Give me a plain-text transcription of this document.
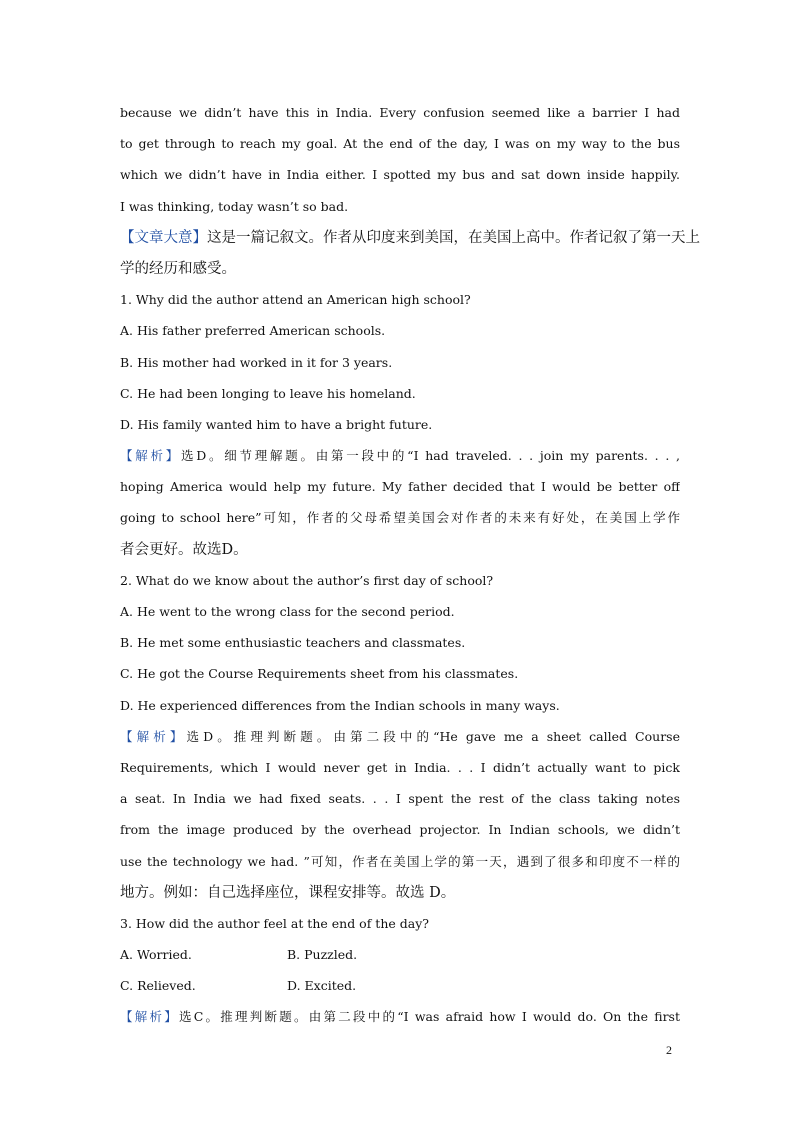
because we didn’t have this in India. Every confusion seemed like a barrier I had
to get through to reach my goal. At the end of the day, I was on my way to the bus
which we didn’t have in India either. I spotted my bus and sat down inside happily.
I was thinking, today wasn’t so bad.
【文章大意】这是一篇记叙文。作者从印度来到美国，在美国上高中。作者记叙了第一天上
学的经历和感受。
1. Why did the author attend an American high school?
A. His father preferred American schools.
B. His mother had worked in it for 3 years.
C. He had been longing to leave his homeland.
D. His family wanted him to have a bright future.
【解析】选D。细节理解题。由第一段中的“I had traveled. . . join my parents. . . ,
hoping America would help my future. My father decided that I would be better off
going to school here”可知，作者的父母希望美国会对作者的未来有好处，在美国上学作
者会更好。故选D。
2. What do we know about the author’s first day of school?
A. He went to the wrong class for the second period.
B. He met some enthusiastic teachers and classmates.
C. He got the Course Requirements sheet from his classmates.
D. He experienced differences from the Indian schools in many ways.
【解析】选D。推理判断题。由第二段中的“He gave me a sheet called Course
Requirements, which I would never get in India. . . I didn’t actually want to pick
a seat. In India we had fixed seats. . . I spent the rest of the class taking notes
from the image produced by the overhead projector. In Indian schools, we didn’t
use the technology we had. ”可知，作者在美国上学的第一天，遇到了很多和印度不一样的
地方。例如：自己选择座位，课程安排等。故选 D。
3. How did the author feel at the end of the day?
A. Worried.	B. Puzzled.
C. Relieved.	D. Excited.
【解析】选C。推理判断题。由第二段中的“I was afraid how I would do. On the first
2
